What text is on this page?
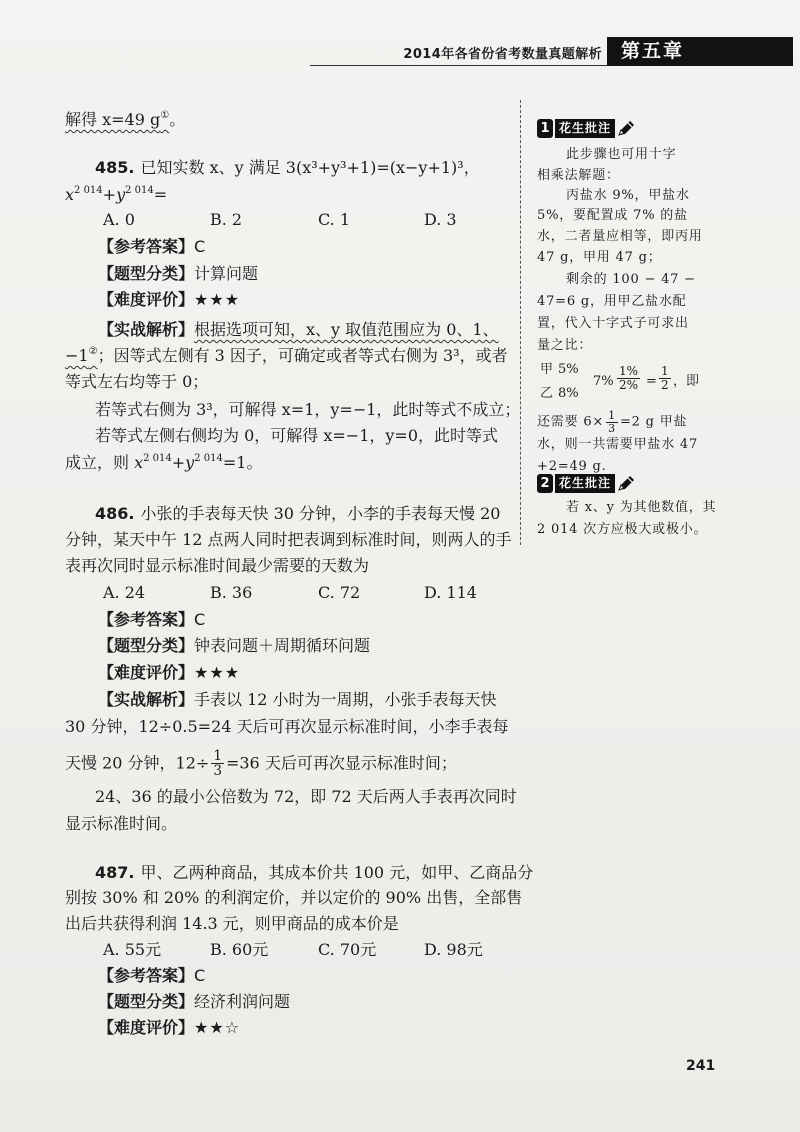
2014年各省份省考数量真题解析	第五章
解得 x=49 g①。
485. 已知实数 x、y 满足 3(x³+y³+1)=(x−y+1)³，
$x^{2 014}+y^{2 014}=$
A. 0	B. 2	C. 1	D. 3
【参考答案】C
【题型分类】计算问题
【难度评价】★★★
【实战解析】根据选项可知，x、y 取值范围应为 0、1、
−1②；因等式左侧有 3 因子，可确定或者等式右侧为 3³，或者
等式左右均等于 0；
若等式右侧为 3³，可解得 x=1，y=−1，此时等式不成立；
若等式左侧右侧均为 0，可解得 x=−1，y=0，此时等式
成立，则 $x^{2 014}+y^{2 014}=1$。
486. 小张的手表每天快 30 分钟，小李的手表每天慢 20
分钟，某天中午 12 点两人同时把表调到标准时间，则两人的手
表再次同时显示标准时间最少需要的天数为
A. 24	B. 36	C. 72	D. 114
【参考答案】C
【题型分类】钟表问题＋周期循环问题
【难度评价】★★★
【实战解析】手表以 12 小时为一周期，小张手表每天快
30 分钟，12÷0.5=24 天后可再次显示标准时间，小李手表每
天慢 20 分钟，$12\div \frac{1}{3} =36$ 天后可再次显示标准时间；
24、36 的最小公倍数为 72，即 72 天后两人手表再次同时
显示标准时间。
487. 甲、乙两种商品，其成本价共 100 元，如甲、乙商品分
别按 30% 和 20% 的利润定价，并以定价的 90% 出售，全部售
出后共获得利润 14.3 元，则甲商品的成本价是
A. 55元	B. 60元	C. 70元	D. 98元
【参考答案】C
【题型分类】经济利润问题
【难度评价】★★☆
1 花生批注
此步骤也可用十字
相乘法解题：
丙盐水 9%，甲盐水
5%，要配置成 7% 的盐
水，二者量应相等，即丙用
47 g，甲用 47 g；
剩余的 100 − 47 −
47=6 g，用甲乙盐水配
置，代入十字式子可求出
量之比：
甲 5%
乙 8%
$7\% \frac{1\%}{2\%} = \frac{1}{2}$ ，即
还需要 $6\times \frac{1}{3} =2$ g 甲盐
水，则一共需要甲盐水 47
+2=49 g.
2 花生批注
若 x、y 为其他数值，其
2 014 次方应极大或极小。
241
